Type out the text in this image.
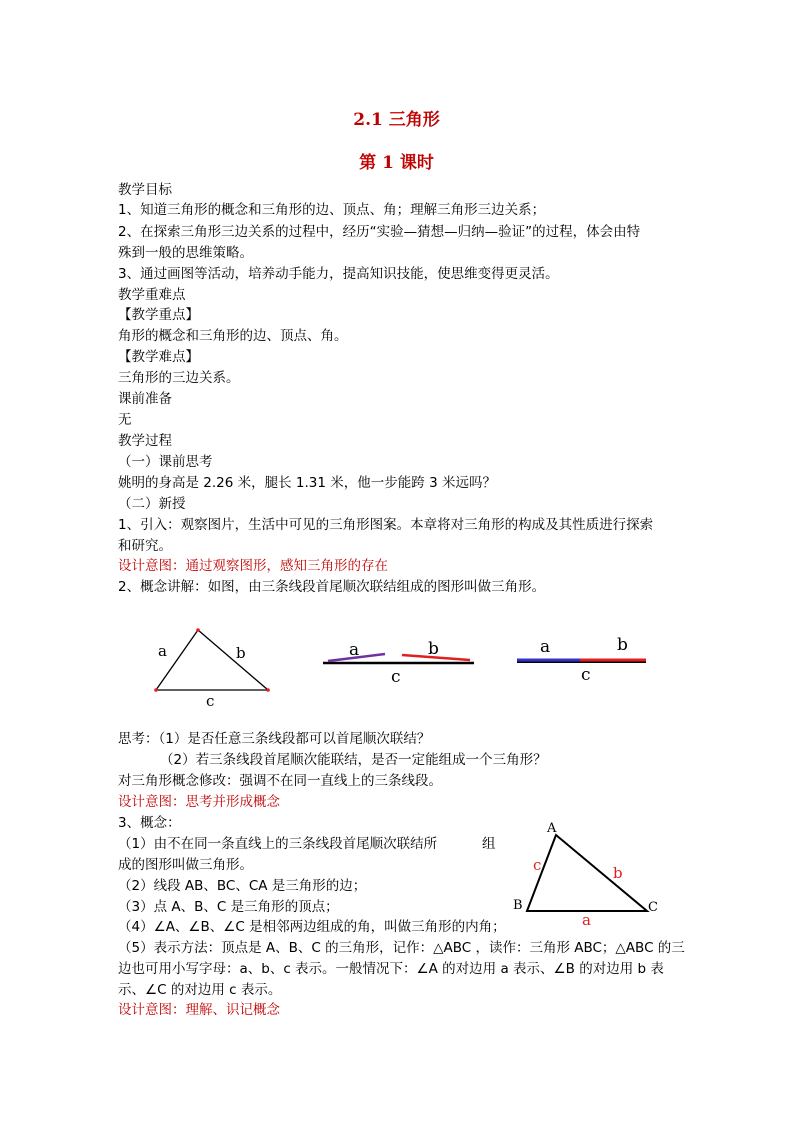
2.1 三角形
第 1 课时
教学目标
1、知道三角形的概念和三角形的边、顶点、角；理解三角形三边关系；
2、在探索三角形三边关系的过程中，经历“实验—猜想—归纳—验证”的过程，体会由特
殊到一般的思维策略。
3、通过画图等活动，培养动手能力，提高知识技能，使思维变得更灵活。
教学重难点
【教学重点】
角形的概念和三角形的边、顶点、角。
【教学难点】
三角形的三边关系。
课前准备
无
教学过程
（一）课前思考
姚明的身高是 2.26 米，腿长 1.31 米，他一步能跨 3 米远吗？
（二）新授
1、引入：观察图片，生活中可见的三角形图案。本章将对三角形的构成及其性质进行探索
和研究。
设计意图：通过观察图形，感知三角形的存在
2、概念讲解：如图，由三条线段首尾顺次联结组成的图形叫做三角形。
a	b
c
a	b
c
a	b
c
思考：（1）是否任意三条线段都可以首尾顺次联结？
（2）若三条线段首尾顺次能联结，是否一定能组成一个三角形？
对三角形概念修改：强调不在同一直线上的三条线段。
设计意图：思考并形成概念
3、概念：
（1）由不在同一条直线上的三条线段首尾顺次联结所	组
成的图形叫做三角形。
（2）线段 AB、BC、CA 是三角形的边；
（3）点 A、B、C 是三角形的顶点；
（4）∠A、∠B、∠C 是相邻两边组成的角，叫做三角形的内角；
（5）表示方法：顶点是 A、B、C 的三角形，记作：△ABC ，读作：三角形 ABC；△ABC 的三
边也可用小写字母：a、b、c 表示。一般情况下：∠A 的对边用 a 表示、∠B 的对边用 b 表
示、∠C 的对边用 c 表示。
设计意图：理解、识记概念
A
B	C
c	b
a
